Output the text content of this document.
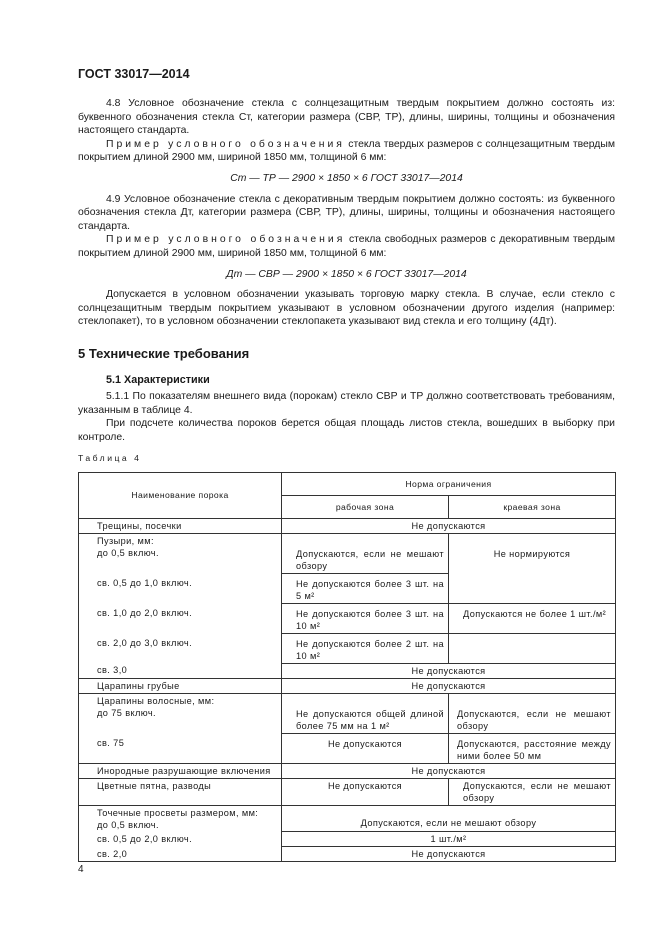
ГОСТ 33017—2014

4.8 Условное обозначение стекла с солнцезащитным твердым покрытием должно состоять из: буквенного обозначения стекла Cт, категории размера (СВР, ТР), длины, ширины, толщины и обозначения настоящего стандарта.

Пример условного обозначения стекла твердых размеров с солнцезащитным твердым покрытием длиной 2900 мм, шириной 1850 мм, толщиной 6 мм:

Cт — ТР — 2900 × 1850 × 6 ГОСТ 33017—2014

4.9 Условное обозначение стекла с декоративным твердым покрытием должно состоять: из буквенного обозначения стекла Дт, категории размера (СВР, ТР), длины, ширины, толщины и обозначения настоящего стандарта.

Пример условного обозначения стекла свободных размеров с декоративным твердым покрытием длиной 2900 мм, шириной 1850 мм, толщиной 6 мм:

Дт — СВР — 2900 × 1850 × 6 ГОСТ 33017—2014

Допускается в условном обозначении указывать торговую марку стекла. В случае, если стекло с солнцезащитным твердым покрытием указывают в условном обозначении другого изделия (например: стеклопакет), то в условном обозначении стеклопакета указывают вид стекла и его толщину (4Дт).

5 Технические требования
5.1 Характеристики

5.1.1 По показателям внешнего вида (порокам) стекло СВР и ТР должно соответствовать требованиям, указанным в таблице 4.

При подсчете количества пороков берется общая площадь листов стекла, вошедших в выборку при контроле.

Таблица 4
Наименование порока	Норма ограничения	
	рабочая зона	краевая зона
Трещины, посечки	Не допускаются	

Пузыри, мм:
до 0,5 включ.	Допускаются, если не мешают обзору	Не нормируются
св. 0,5 до 1,0 включ.	Не допускаются более 3 шт. на 5 м²	
св. 1,0 до 2,0 включ.	Не допускаются более 3 шт. на 10 м²	Допускаются не более 1 шт./м²
св. 2,0 до 3,0 включ.	Не допускаются более 2 шт. на 10 м²	
св. 3,0	Не допускаются	
Царапины грубые	Не допускаются	

Царапины волосные, мм:
до 75 включ.	Не допускаются общей длиной более 75 мм на 1 м²	Допускаются, если не мешают обзору
св. 75	Не допускаются	Допускаются, расстояние между ними более 50 мм
Инородные разрушающие включения	Не допускаются	
Цветные пятна, разводы	Не допускаются	Допускаются, если не мешают обзору

Точечные просветы размером, мм:
до 0,5 включ.	Допускаются, если не мешают обзору	
св. 0,5 до 2,0 включ.	1 шт./м²	
св. 2,0	Не допускаются	
4
